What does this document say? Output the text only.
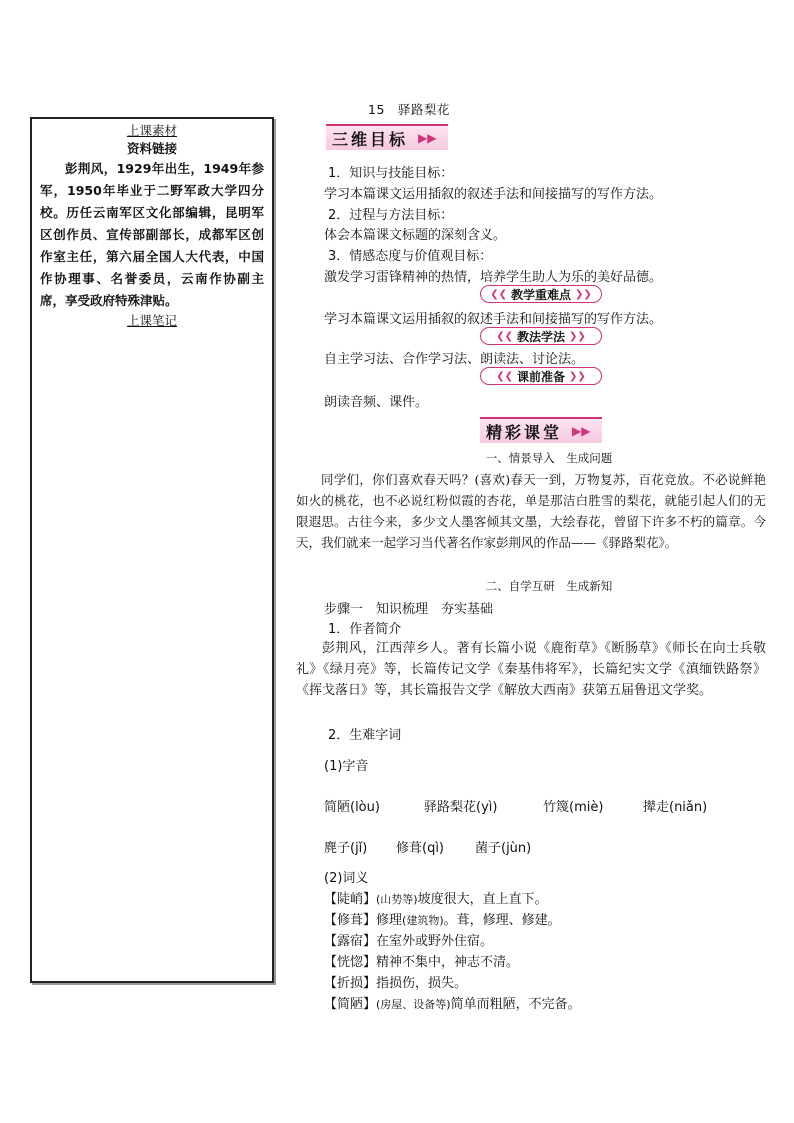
15　驿路梨花
上课素材
资料链接
彭荆风，1929年出生，1949年参军，1950年毕业于二野军政大学四分校。历任云南军区文化部编辑，昆明军区创作员、宣传部副部长，成都军区创作室主任，第六届全国人大代表，中国作协理事、名誉委员，云南作协副主席，享受政府特殊津贴。
上课笔记
三维目标 ▶▶
1．知识与技能目标：
学习本篇课文运用插叙的叙述手法和间接描写的写作方法。
2．过程与方法目标：
体会本篇课文标题的深刻含义。
3．情感态度与价值观目标：
激发学习雷锋精神的热情，培养学生助人为乐的美好品德。
❮❮ 教学重难点 ❯❯
学习本篇课文运用插叙的叙述手法和间接描写的写作方法。
❮❮ 教法学法 ❯❯
自主学习法、合作学习法、朗读法、讨论法。
❮❮ 课前准备 ❯❯
朗读音频、课件。
精彩课堂 ▶▶
一、情景导入　生成问题
同学们，你们喜欢春天吗？(喜欢)春天一到，万物复苏，百花竞放。不必说鲜艳如火的桃花，也不必说红粉似霞的杏花，单是那洁白胜雪的梨花，就能引起人们的无限遐思。古往今来，多少文人墨客倾其文墨，大绘春花，曾留下许多不朽的篇章。今天，我们就来一起学习当代著名作家彭荆风的作品——《驿路梨花》。
二、自学互研　生成新知
步骤一　知识梳理　夯实基础
1．作者简介
彭荆风，江西萍乡人。著有长篇小说《鹿衔草》《断肠草》《师长在向士兵敬礼》《绿月亮》等，长篇传记文学《秦基伟将军》，长篇纪实文学《滇缅铁路祭》《挥戈落日》等，其长篇报告文学《解放大西南》获第五届鲁迅文学奖。
2．生难字词
(1)字音
简陋(lòu)	驿路梨花(yì)	竹篾(miè)	撵走(niǎn)
麂子(jǐ) 修葺(qì) 菌子(jùn)
(2)词义
【陡峭】(山势等)坡度很大，直上直下。
【修葺】修理(建筑物)。葺，修理、修建。
【露宿】在室外或野外住宿。
【恍惚】精神不集中，神志不清。
【折损】指损伤，损失。
【简陋】(房屋、设备等)简单而粗陋，不完备。
